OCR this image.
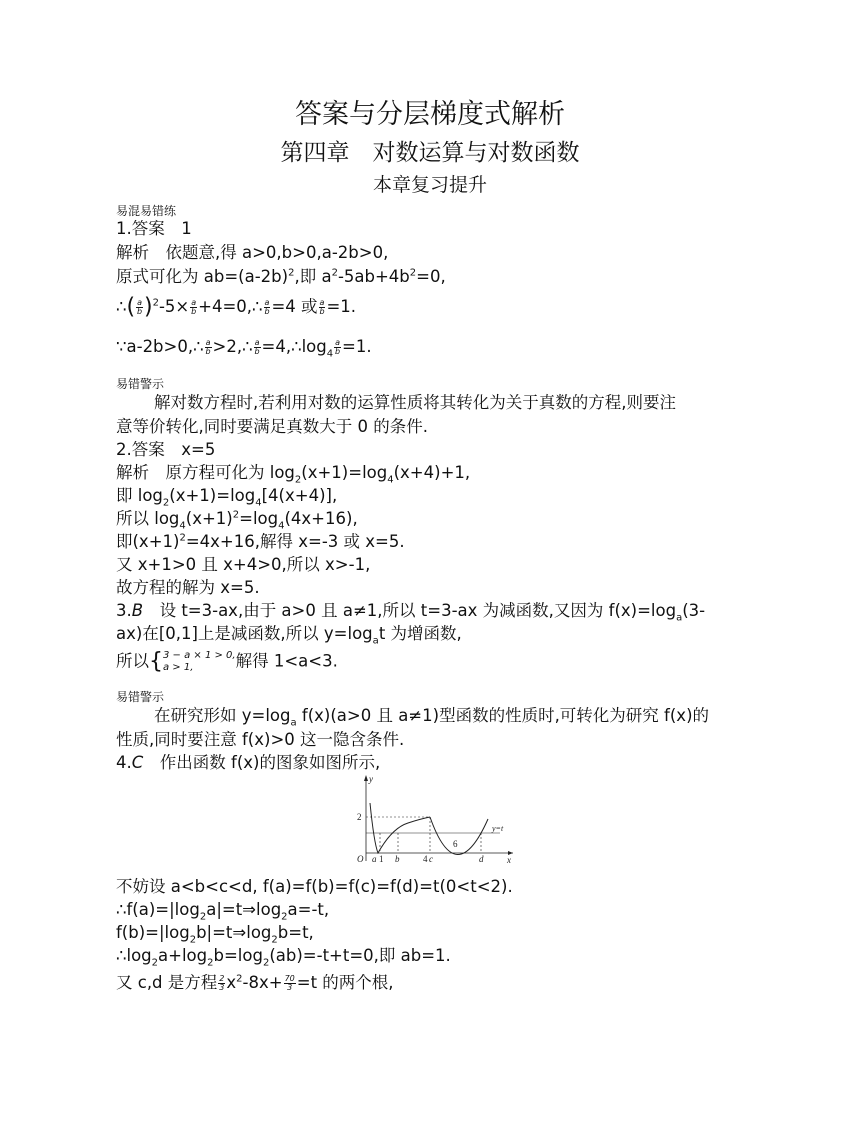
答案与分层梯度式解析
第四章　对数运算与对数函数
本章复习提升
易混易错练
1.答案　1
解析　依题意,得 a>0,b>0,a-2b>0,
原式可化为 $ab=(a-2b)^2$,即 $a^2-5ab+4b^2=0$,
∴( $\frac{a}{b} )^2-5\times \frac{a}{b}$ +4=0,∴ $\frac{a}{b} =4$ 或 $\frac{a}{b} =1$.
∵a-2b>0,∴ $\frac{a}{b}$ >2,∴ $\frac{a}{b}$ $=4,\therefore\log_4 \frac{a}{b} =1$.
易错警示
解对数方程时,若利用对数的运算性质将其转化为关于真数的方程,则要注
意等价转化,同时要满足真数大于 0 的条件.
2.答案　x=5
解析　原方程可化为 $\log_2(x+1)=\log_4(x+4)+1$,
即 $\log_2(x+1)=\log_4[4(x+4)]$,
所以 $\log_4(x+1)^2=\log_4(4x+16)$,
即$(x+1)^2=4x+16$,解得 x=-3 或 x=5.
又 x+1>0 且 x+4>0,所以 x>-1,
故方程的解为 x=5.
3.B　设 t=3-ax,由于 a>0 且 a≠1,所以 t=3-ax 为减函数,又因为 $f(x)=\log_a(3-$
ax)在[0,1]上是减函数,所以 $y=\log_at$ 为增函数,
所以{ 3 − a × 1 > 0,
a > 1,	解得 1<a<3.
易错警示
在研究形如 $y=\log_a$ f(x)(a>0 且 a≠1)型函数的性质时,可转化为研究 f(x)的
性质,同时要注意 f(x)>0 这一隐含条件.
4.C　作出函数 f(x)的图象如图所示,
y
x
O
2
a 1 b	4 c
6
d
y=t
不妨设 a<b<c<d, f(a)=f(b)=f(c)=f(d)=t(0<t<2).
$\therefore f(a)=|\log_2a|=t\Rightarrow\log_2a=-t$,
$f(b)=|\log_2b|=t\Rightarrow\log_2b=t$,
$\therefore\log_2a+\log_2b=\log_2(ab)=-t+t=0$,即 ab=1.
又 c,d 是方程 $\frac{2}{3} x^2-8x+ \frac{70}{3} =t$ 的两个根,
